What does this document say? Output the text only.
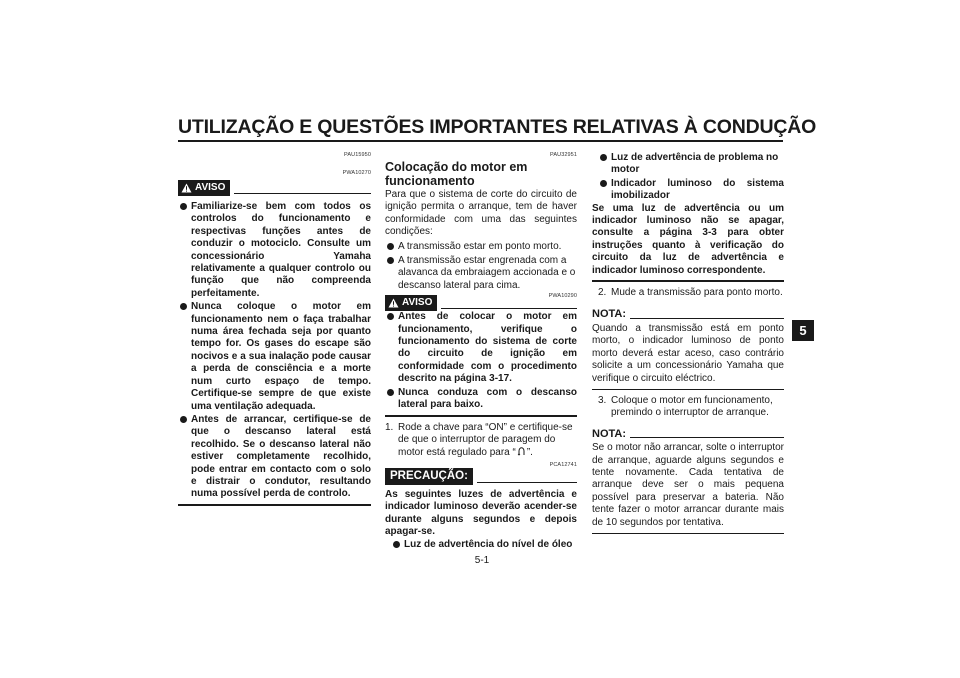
UTILIZAÇÃO E QUESTÕES IMPORTANTES RELATIVAS À CONDUÇÃO
5
PAU15950
PWA10270
AVISO
Familiarize-se bem com todos os controlos do funcionamento e respectivas funções antes de conduzir o motociclo. Consulte um concessionário Yamaha relativamente a qualquer controlo ou função que não compreenda perfeitamente.
Nunca coloque o motor em funcionamento nem o faça trabalhar numa área fechada seja por quanto tempo for. Os gases do escape são nocivos e a sua inalação pode causar a perda de consciência e a morte num curto espaço de tempo. Certifique-se sempre de que existe uma ventilação adequada.
Antes de arrancar, certifique-se de que o descanso lateral está recolhido. Se o descanso lateral não estiver completamente recolhido, pode entrar em contacto com o solo e distrair o condutor, resultando numa possível perda de controlo.
PAU32951
Colocação do motor em funcionamento
Para que o sistema de corte do circuito de ignição permita o arranque, tem de haver conformidade com uma das seguintes condições:
A transmissão estar em ponto morto.
A transmissão estar engrenada com a alavanca da embraiagem accionada e o descanso lateral para cima.
AVISO
PWA10290
Antes de colocar o motor em funcionamento, verifique o funcionamento do sistema de corte do circuito de ignição em conformidade com o procedimento descrito na página 3-17.
Nunca conduza com o descanso lateral para baixo.
1. Rode a chave para “ON” e certifique-se de que o interruptor de paragem do motor está regulado para “ ”.
PCA12741
PRECAUÇÃO:
As seguintes luzes de advertência e indicador luminoso deverão acender-se durante alguns segundos e depois apagar-se.
Luz de advertência do nível de óleo
Luz de advertência de problema no motor
Indicador luminoso do sistema imobilizador
Se uma luz de advertência ou um indicador luminoso não se apagar, consulte a página 3-3 para obter instruções quanto à verificação do circuito da luz de advertência e indicador luminoso correspondente.
2. Mude a transmissão para ponto morto.
NOTA:
Quando a transmissão está em ponto morto, o indicador luminoso de ponto morto deverá estar aceso, caso contrário solicite a um concessionário Yamaha que verifique o circuito eléctrico.
3. Coloque o motor em funcionamento, premindo o interruptor de arranque.
NOTA:
Se o motor não arrancar, solte o interruptor de arranque, aguarde alguns segundos e tente novamente. Cada tentativa de arranque deve ser o mais pequena possível para preservar a bateria. Não tente fazer o motor arrancar durante mais de 10 segundos por tentativa.
5-1
